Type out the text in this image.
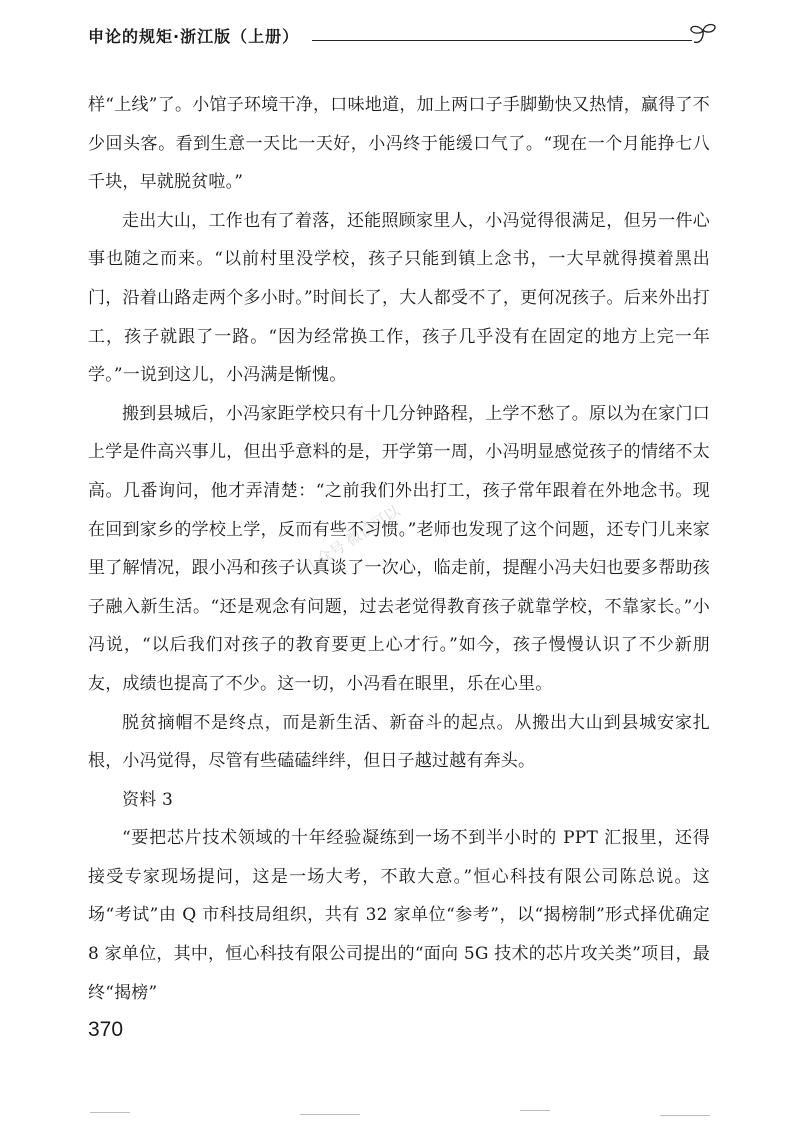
申论的规矩·浙江版（上册）
小众号 微信可以

样“上线”了。小馆子环境干净，口味地道，加上两口子手脚勤快又热情，赢得了不少回头客。看到生意一天比一天好，小冯终于能缓口气了。“现在一个月能挣七八千块，早就脱贫啦。”

走出大山，工作也有了着落，还能照顾家里人，小冯觉得很满足，但另一件心事也随之而来。“以前村里没学校，孩子只能到镇上念书，一大早就得摸着黑出门，沿着山路走两个多小时。”时间长了，大人都受不了，更何况孩子。后来外出打工，孩子就跟了一路。“因为经常换工作，孩子几乎没有在固定的地方上完一年学。”一说到这儿，小冯满是惭愧。

搬到县城后，小冯家距学校只有十几分钟路程，上学不愁了。原以为在家门口上学是件高兴事儿，但出乎意料的是，开学第一周，小冯明显感觉孩子的情绪不太高。几番询问，他才弄清楚：“之前我们外出打工，孩子常年跟着在外地念书。现在回到家乡的学校上学，反而有些不习惯。”老师也发现了这个问题，还专门儿来家里了解情况，跟小冯和孩子认真谈了一次心，临走前，提醒小冯夫妇也要多帮助孩子融入新生活。“还是观念有问题，过去老觉得教育孩子就靠学校，不靠家长。”小冯说，“以后我们对孩子的教育要更上心才行。”如今，孩子慢慢认识了不少新朋友，成绩也提高了不少。这一切，小冯看在眼里，乐在心里。

脱贫摘帽不是终点，而是新生活、新奋斗的起点。从搬出大山到县城安家扎根，小冯觉得，尽管有些磕磕绊绊，但日子越过越有奔头。

资料 3

“要把芯片技术领域的十年经验凝练到一场不到半小时的 PPT 汇报里，还得接受专家现场提问，这是一场大考，不敢大意。”恒心科技有限公司陈总说。这场“考试”由 Q 市科技局组织，共有 32 家单位“参考”，以“揭榜制”形式择优确定 8 家单位，其中，恒心科技有限公司提出的“面向 5G 技术的芯片攻关类”项目，最终“揭榜”

370
